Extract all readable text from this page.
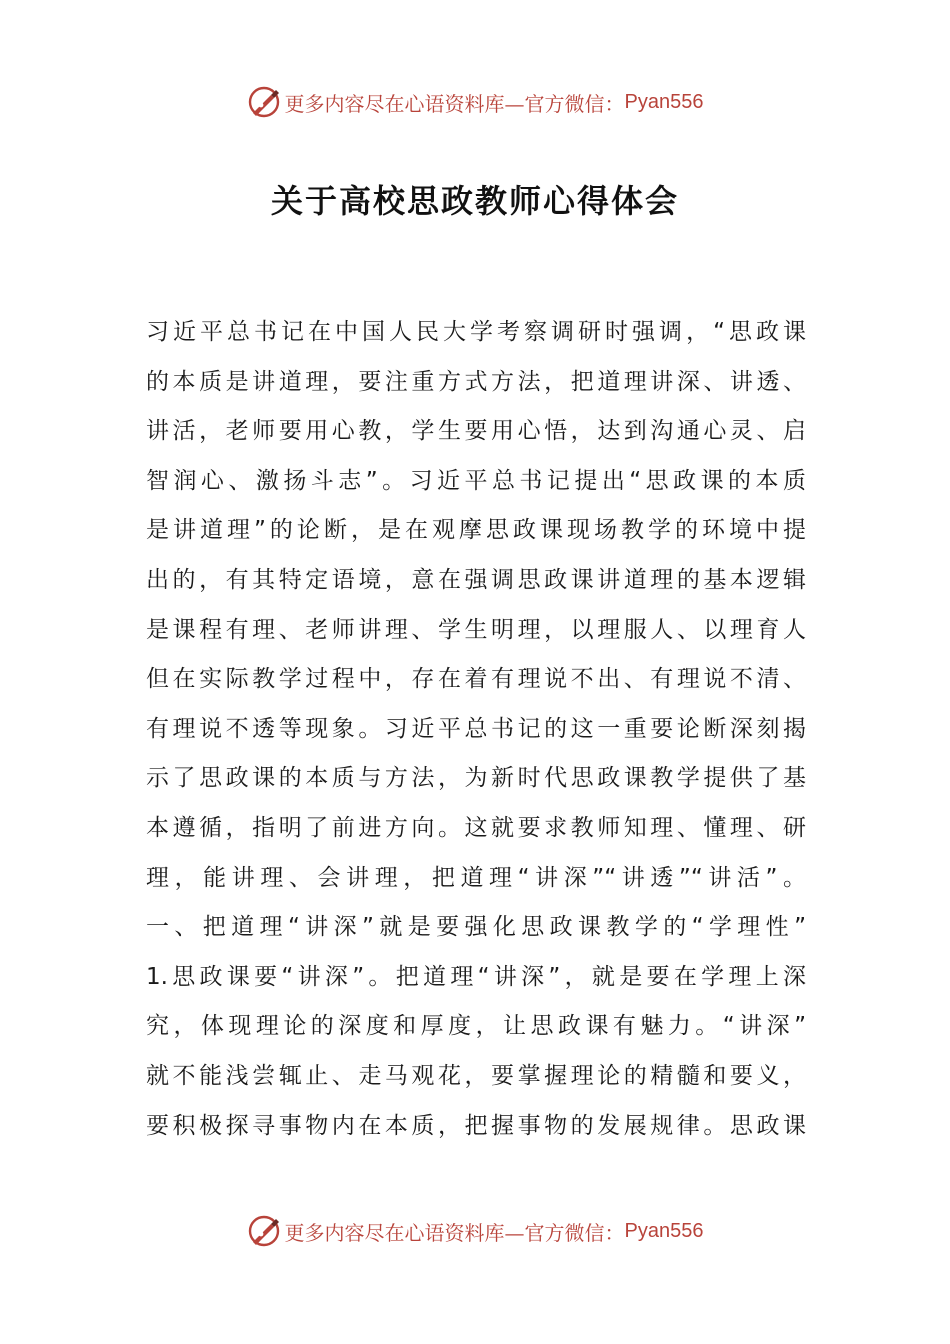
更多内容尽在心语资料库—官方微信： Pyan556
关于高校思政教师心得体会
习近平总书记在中国人民大学考察调研时强调，“思政课
的本质是讲道理，要注重方式方法，把道理讲深、讲透、
讲活，老师要用心教，学生要用心悟，达到沟通心灵、启
智润心、激扬斗志”。习近平总书记提出“思政课的本质
是讲道理”的论断，是在观摩思政课现场教学的环境中提
出的，有其特定语境，意在强调思政课讲道理的基本逻辑
是课程有理、老师讲理、学生明理，以理服人、以理育人
但在实际教学过程中，存在着有理说不出、有理说不清、
有理说不透等现象。习近平总书记的这一重要论断深刻揭
示了思政课的本质与方法，为新时代思政课教学提供了基
本遵循，指明了前进方向。这就要求教师知理、懂理、研
理，能讲理、会讲理，把道理“讲深”“讲透”“讲活”。
一、把道理“讲深”就是要强化思政课教学的“学理性”
1.思政课要“讲深”。把道理“讲深”，就是要在学理上深
究，体现理论的深度和厚度，让思政课有魅力。“讲深”
就不能浅尝辄止、走马观花，要掌握理论的精髓和要义，
要积极探寻事物内在本质，把握事物的发展规律。思政课
更多内容尽在心语资料库—官方微信： Pyan556
